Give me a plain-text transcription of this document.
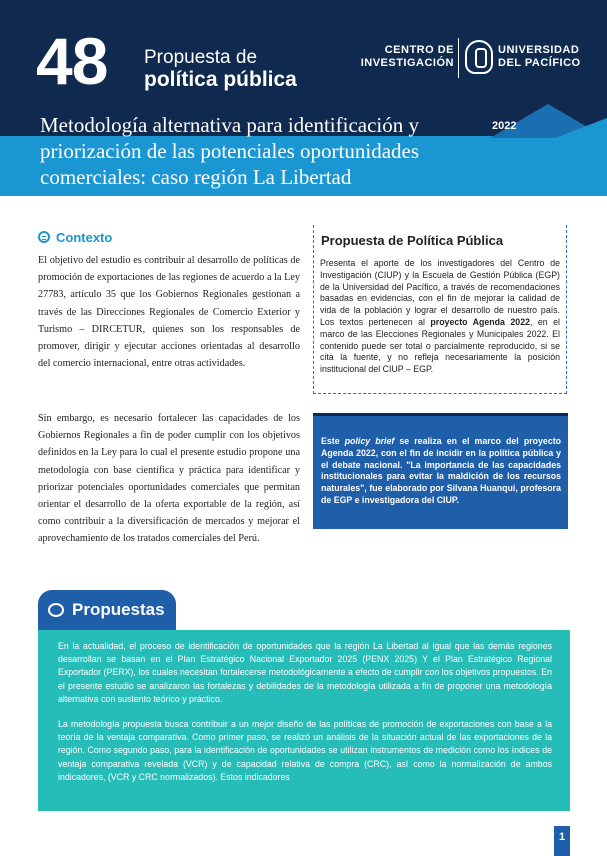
48 Propuesta de
política pública
CENTRO DE
INVESTIGACIÓN
UNIVERSIDAD
DEL PACÍFICO
Metodología alternativa para identificación y priorización de las potenciales oportunidades comerciales: caso región La Libertad
2022
Contexto

El objetivo del estudio es contribuir al desarrollo de políticas de promoción de exportaciones de las regiones de acuerdo a la Ley 27783, artículo 35 que los Gobiernos Regionales gestionan a través de las Direcciones Regionales de Comercio Exterior y Turismo – DIRCETUR, quienes son los responsables de promover, dirigir y ejecutar acciones orientadas al desarrollo del comercio internacional, entre otras actividades.

Sin embargo, es necesario fortalecer las capacidades de los Gobiernos Regionales a fin de poder cumplir con los objetivos definidos en la Ley para lo cual el presente estudio propone una metodología con base científica y práctica para identificar y priorizar potenciales oportunidades comerciales que permitan orientar el desarrollo de la oferta exportable de la región, así como contribuir a la diversificación de mercados y mejorar el aprovechamiento de los tratados comerciales del Perú.

Propuesta de Política Pública
Presenta el aporte de los investigadores del Centro de Investigación (CIUP) y la Escuela de Gestión Pública (EGP) de la Universidad del Pacífico, a través de recomendaciones basadas en evidencias, con el fin de mejorar la calidad de vida de la población y lograr el desarrollo de nuestro país. Los textos pertenecen al proyecto Agenda 2022, en el marco de las Elecciones Regionales y Municipales 2022. El contenido puede ser total o parcialmente reproducido, si se cita la fuente, y no refleja necesariamente la posición institucional del CIUP – EGP.
Este policy brief se realiza en el marco del proyecto Agenda 2022, con el fin de incidir en la política pública y el debate nacional. "La importancia de las capacidades institucionales para evitar la maldición de los recursos naturales", fue elaborado por Silvana Huanqui, profesora de EGP e investigadora del CIUP.
Propuestas

En la actualidad, el proceso de identificación de oportunidades que la región La Libertad al igual que las demás regiones desarrollan se basan en el Plan Estratégico Nacional Exportador 2025 (PENX 2025) Y el Plan Estratégico Regional Exportador (PERX), los cuales necesitan fortalecerse metodológicamente a efecto de cumplir con los objetivos propuestos. En el presente estudio se analizaron las fortalezas y debilidades de la metodología utilizada a fin de proponer una metodología alternativa con sustento teórico y práctico.

La metodología propuesta busca contribuir a un mejor diseño de las políticas de promoción de exportaciones con base a la teoría de la ventaja comparativa. Como primer paso, se realizó un análisis de la situación actual de las exportaciones de la región. Como segundo paso, para la identificación de oportunidades se utilizan instrumentos de medición como los índices de ventaja comparativa revelada (VCR) y de capacidad relativa de compra (CRC), así como la normalización de ambos indicadores, (VCR y CRC normalizados). Estos indicadores

1
